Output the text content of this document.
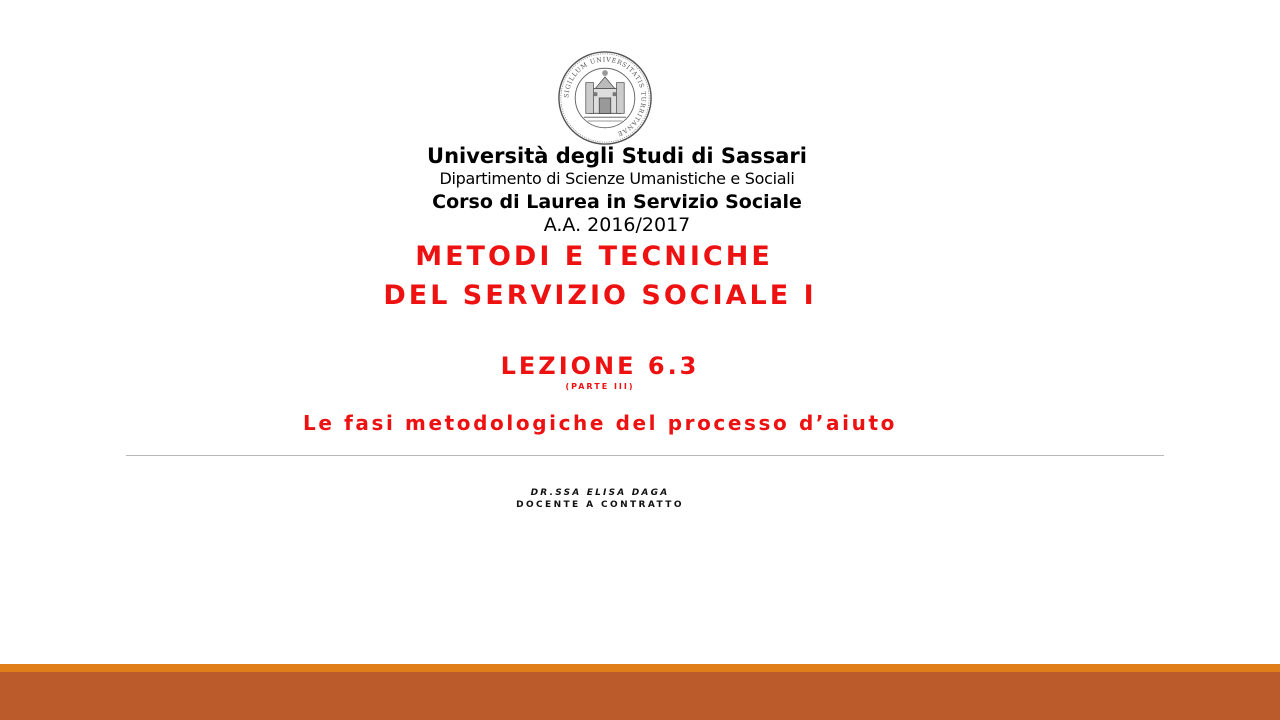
SIGILLUM UNIVERSITATIS TURRITANAE
Università degli Studi di Sassari
Dipartimento di Scienze Umanistiche e Sociali
Corso di Laurea in Servizio Sociale
A.A. 2016/2017
METODI E TECNICHE
DEL SERVIZIO SOCIALE I
LEZIONE 6.3
(PARTE III)
Le fasi metodologiche del processo d’aiuto
DR.SSA ELISA DAGA
DOCENTE A CONTRATTO
